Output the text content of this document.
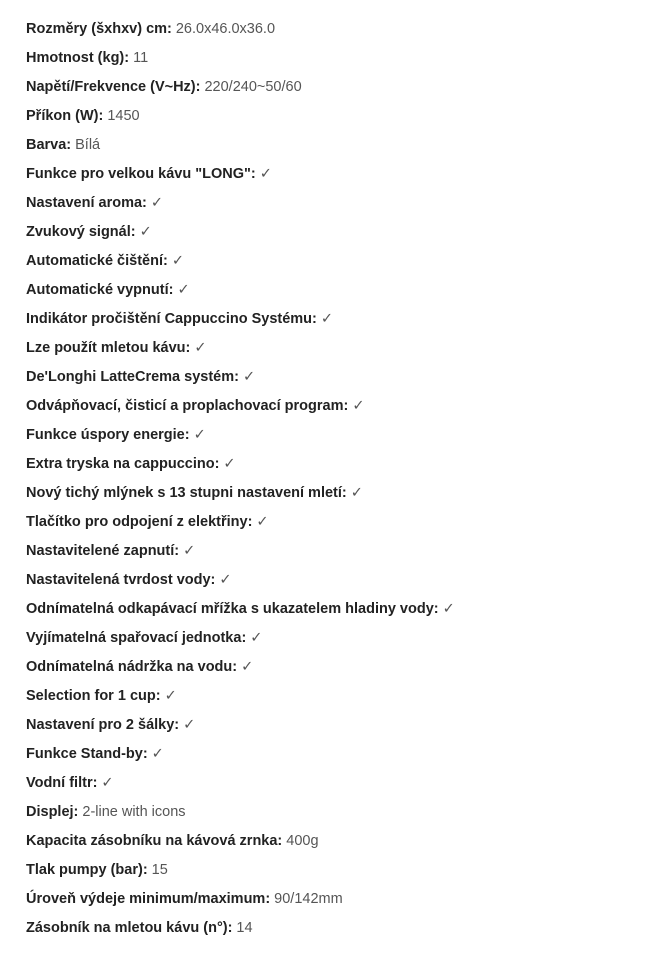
Rozměry (šxhxv) cm: 26.0x46.0x36.0
Hmotnost (kg): 11
Napětí/Frekvence (V~Hz): 220/240~50/60
Příkon (W): 1450
Barva: Bílá
Funkce pro velkou kávu "LONG": ✓
Nastavení aroma: ✓
Zvukový signál: ✓
Automatické čištění: ✓
Automatické vypnutí: ✓
Indikátor pročištění Cappuccino Systému: ✓
Lze použít mletou kávu: ✓
De'Longhi LatteCrema systém: ✓
Odvápňovací, čisticí a proplachovací program: ✓
Funkce úspory energie: ✓
Extra tryska na cappuccino: ✓
Nový tichý mlýnek s 13 stupni nastavení mletí: ✓
Tlačítko pro odpojení z elektřiny: ✓
Nastavitelené zapnutí: ✓
Nastavitelená tvrdost vody: ✓
Odnímatelná odkapávací mřížka s ukazatelem hladiny vody: ✓
Vyjímatelná spařovací jednotka: ✓
Odnímatelná nádržka na vodu: ✓
Selection for 1 cup: ✓
Nastavení pro 2 šálky: ✓
Funkce Stand-by: ✓
Vodní filtr: ✓
Displej: 2-line with icons
Kapacita zásobníku na kávová zrnka: 400g
Tlak pumpy (bar): 15
Úroveň výdeje minimum/maximum: 90/142mm
Zásobník na mletou kávu (n°): 14
